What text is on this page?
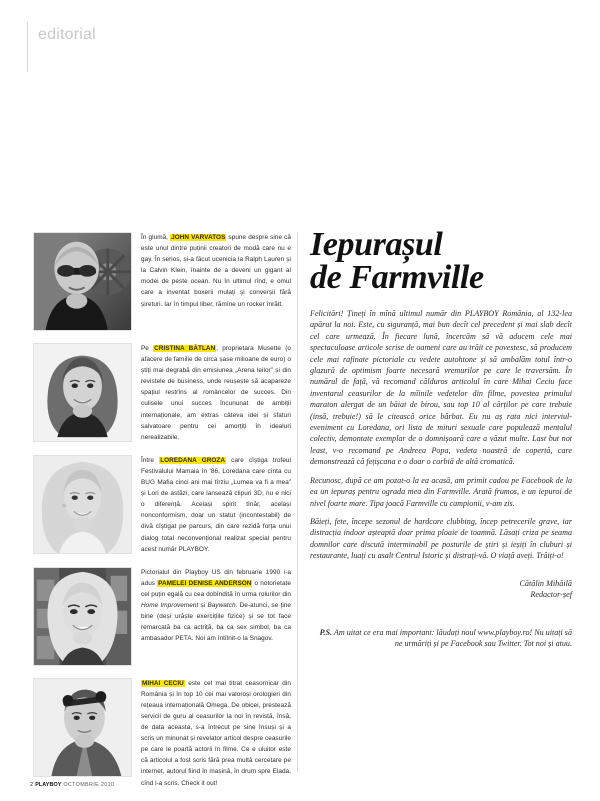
editorial
În glumă, JOHN VARVATOS spune despre sine că este unul dintre puținii creatori de modă care nu e gay. În serios, și-a făcut ucenicia la Ralph Lauren și la Calvin Klein, înainte de a deveni un gigant al modei de peste ocean. Nu în ultimul rînd, e omul care a inventat boxerii mulați și converșii fără șireturi. Iar în timpul liber, rămîne un rocker înrăit.
Pe CRISTINA BĂTLAN, proprietara Musette (o afacere de familie de circa șase milioane de euro) o știți mai degrabă din emisiunea „Arena leilor” și din revistele de business, unde reușește să acapareze spațiul restrîns al româncelor de succes. Din culisele unui succes încununat de ambiții internaționale, am extras câteva idei și sfaturi salvatoare pentru cei amorțiți în idealuri nerealizabile.
Între LOREDANA GROZA care cîștiga trofeul Festivalului Mamaia în '86, Loredana care cînta cu BUG Mafia cinci ani mai tîrziu „Lumea va fi a mea” și Lori de astăzi, care lansează clipuri 3D, nu e nici o diferență. Același spirit tînăr, același nonconformism, doar un statut (incontestabil) de divă cîștigat pe parcurs, din care rezidă forța unui dialog total neconvențional realizat special pentru acest număr PLAYBOY.
Pictorialul din Playboy US din februarie 1990 i-a adus PAMELEI DENISE ANDERSON o notorietate cel puțin egală cu cea dobîndită în urma rolurilor din Home Improvement și Baywatch. De-atunci, se ține bine (deși urăște exercițiile fizice) și se tot face remarcată ba ca actriță, ba ca sex simbol, ba ca ambasador PETA. Noi am întîlnit-o la Snagov.
MIHAI CECIU este cel mai titrat ceasornicar din România și în top 10 cei mai valoroși orologieri din rețeaua internațională Omega. De obicei, prestează servicii de guru al ceasurilor la noi în revistă, însă, de data aceasta, s-a întrecut pe sine însuși și a scris un minunat și revelator articol despre ceasurile pe care le poartă actorii în filme. Ce e uluitor este că articolul a fost scris fără prea multă cercetare pe internet, autorul fiind în mașină, în drum spre Elada, cînd l-a scris. Check it out!
Iepurașul
de Farmville

Felicitări! Țineți în mînă ultimul număr din PLAYBOY România, al 132-lea apărut la noi. Este, cu siguranță, mai bun decît cel precedent și mai slab decît cel care urmează. În fiecare lună, încercăm să vă aducem cele mai spectaculoase articole scrise de oameni care au trăit ce povestesc, să producem cele mai rafinate pictoriale cu vedete autohtone și să ambalăm totul într-o glazură de optimism foarte necesară vremurilor pe care le traversăm. În numărul de față, vă recomand călduros articolul în care Mihai Ceciu face inventarul ceasurilor de la mîinile vedetelor din filme, povestea primului maraton alergat de un băiat de birou, sau top 10 al cărților pe care trebuie (insă, trebuie!) să le citească orice bărbat. Eu nu aș rata nici interviul-eveniment cu Loredana, ori lista de mituri sexuale care populează mentalul colectiv, demontate exemplar de o domnișoară care a văzut multe. Last but not least, v-o recomand pe Andreea Popa, vedeta noastră de copertă, care demonstrează că fețișcana e o doar o corbiă de altă cromatică.

Recunosc, după ce am pozat-o la ea acasă, am primit cadou pe Facebook de la ea un iepuraș pentru ograda mea din Farmville. Arată frumos, e un iepuroi de nivel foarte mare. Tipa joacă Farmville cu campionii, v-am zis.

Băieți, fete, începe sezonul de hardcore clubbing, încep petrecerile grave, iar distracția indoor așteaptă doar prima ploaie de toamnă. Lăsați criza pe seama domnilor care discută interminabil pe posturile de știri și ieșiți în cluburi și restaurante, luați cu asalt Centrul Istoric și distrați-vă. O viață aveți. Trăiți-o!

Cătălin Mihăilă
Redactor-șef
P.S. Am uitat ce era mai important: lăudați noul www.playboy.ro! Nu uitați să ne urmăriți și pe Facebook sau Twitter. Tot noi și atuu.
2 PLAYBOY OCTOMBRIE 2010
